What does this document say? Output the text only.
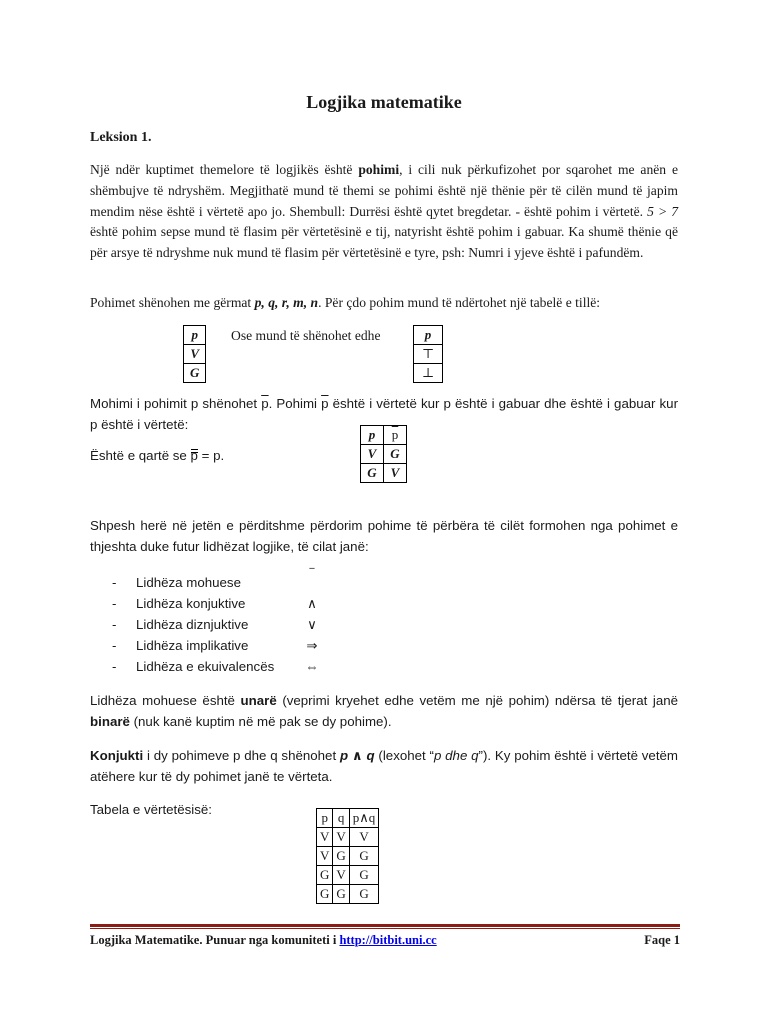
Logjika matematike
Leksion 1.
Një ndër kuptimet themelore të logjikës është pohimi, i cili nuk përkufizohet por sqarohet me anën e shëmbujve të ndryshëm. Megjithatë mund të themi se pohimi është një thënie për të cilën mund të japim mendim nëse është i vërtetë apo jo. Shembull: Durrësi është qytet bregdetar. - është pohim i vërtetë. 5 > 7 është pohim sepse mund të flasim për vërtetësinë e tij, natyrisht është pohim i gabuar. Ka shumë thënie që për arsye të ndryshme nuk mund të flasim për vërtetësinë e tyre, psh: Numri i yjeve është i pafundëm.
Pohimet shënohen me gërmat p, q, r, m, n. Për çdo pohim mund të ndërtohet një tabelë e tillë:
p
V
G
Ose mund të shënohet edhe	p
⊤
⊥
Mohimi i pohimit p shënohet $\overline{p}$. Pohimi $\overline{p}$ është i vërtetë kur p është i gabuar dhe është i gabuar kur p është i vërtetë:
Është e qartë se p = p.
p	$\overline{p}$
V	G
G	V
Shpesh herë në jetën e përditshme përdorim pohime të përbëra të cilët formohen nga pohimet e thjeshta duke futur lidhëzat logjike, të cilat janë:
- Lidhëza mohuese
‾
- Lidhëza konjuktive	∧
- Lidhëza diznjuktive	∨
- Lidhëza implikative	⇒
- Lidhëza e ekuivalencës ⇔
Lidhëza mohuese është unarë (veprimi kryehet edhe vetëm me një pohim) ndërsa të tjerat janë binarë (nuk kanë kuptim në më pak se dy pohime).
Konjukti i dy pohimeve p dhe q shënohet p ∧ q (lexohet “p dhe q”). Ky pohim është i vërtetë vetëm atëhere kur të dy pohimet janë te vërteta.
Tabela e vërtetësisë:
p	q	p∧q
V	V	V
V	G	G
G	V	G
G	G	G
Logjika Matematike. Punuar nga komuniteti i http://bitbit.uni.cc	Faqe 1
